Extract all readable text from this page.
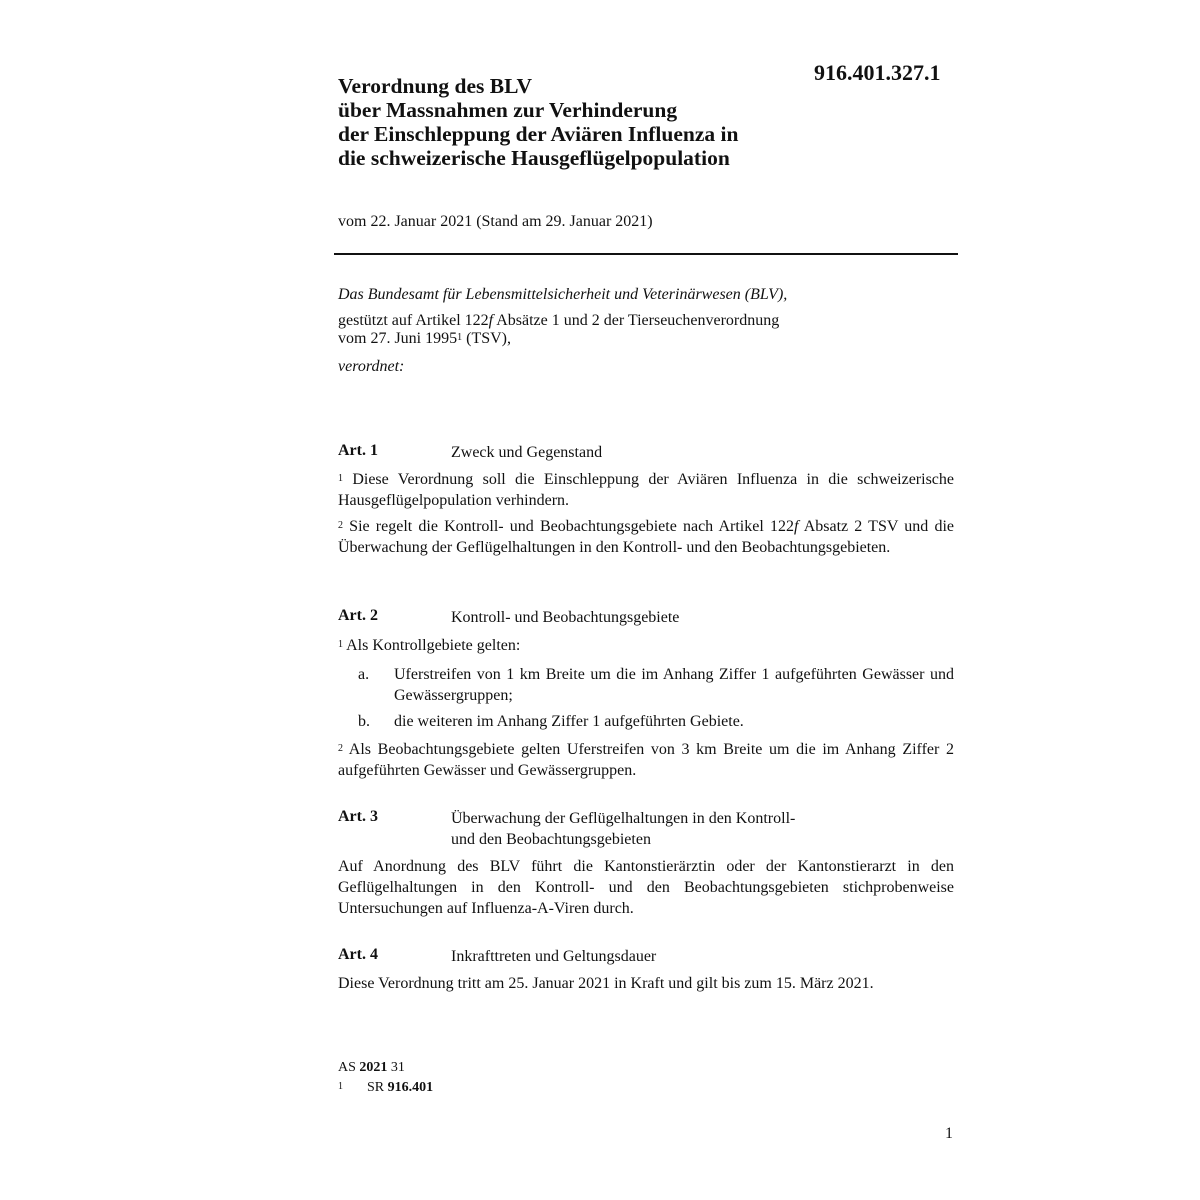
916.401.327.1
Verordnung des BLV
über Massnahmen zur Verhinderung
der Einschleppung der Aviären Influenza in
die schweizerische Hausgeflügelpopulation
vom 22. Januar 2021 (Stand am 29. Januar 2021)
Das Bundesamt für Lebensmittelsicherheit und Veterinärwesen (BLV),
gestützt auf Artikel 122f Absätze 1 und 2 der Tierseuchenverordnung
vom 27. Juni 1995$^1$ (TSV),
verordnet:
Art. 1	Zweck und Gegenstand
$^1$ Diese Verordnung soll die Einschleppung der Aviären Influenza in die schweizerische Hausgeflügelpopulation verhindern.
$^2$ Sie regelt die Kontroll- und Beobachtungsgebiete nach Artikel 122f Absatz 2 TSV und die Überwachung der Geflügelhaltungen in den Kontroll- und den Beobachtungsgebieten.
Art. 2	Kontroll- und Beobachtungsgebiete
$^1$ Als Kontrollgebiete gelten:
a. Uferstreifen von 1 km Breite um die im Anhang Ziffer 1 aufgeführten Gewässer und Gewässergruppen;
b. die weiteren im Anhang Ziffer 1 aufgeführten Gebiete.
$^2$ Als Beobachtungsgebiete gelten Uferstreifen von 3 km Breite um die im Anhang Ziffer 2 aufgeführten Gewässer und Gewässergruppen.
Art. 3	Überwachung der Geflügelhaltungen in den Kontroll-
und den Beobachtungsgebieten
Auf Anordnung des BLV führt die Kantonstierärztin oder der Kantonstierarzt in den Geflügelhaltungen in den Kontroll- und den Beobachtungsgebieten stichprobenweise Untersuchungen auf Influenza-A-Viren durch.
Art. 4	Inkrafttreten und Geltungsdauer
Diese Verordnung tritt am 25. Januar 2021 in Kraft und gilt bis zum 15. März 2021.
AS 2021 31
$^1$ SR 916.401
1
